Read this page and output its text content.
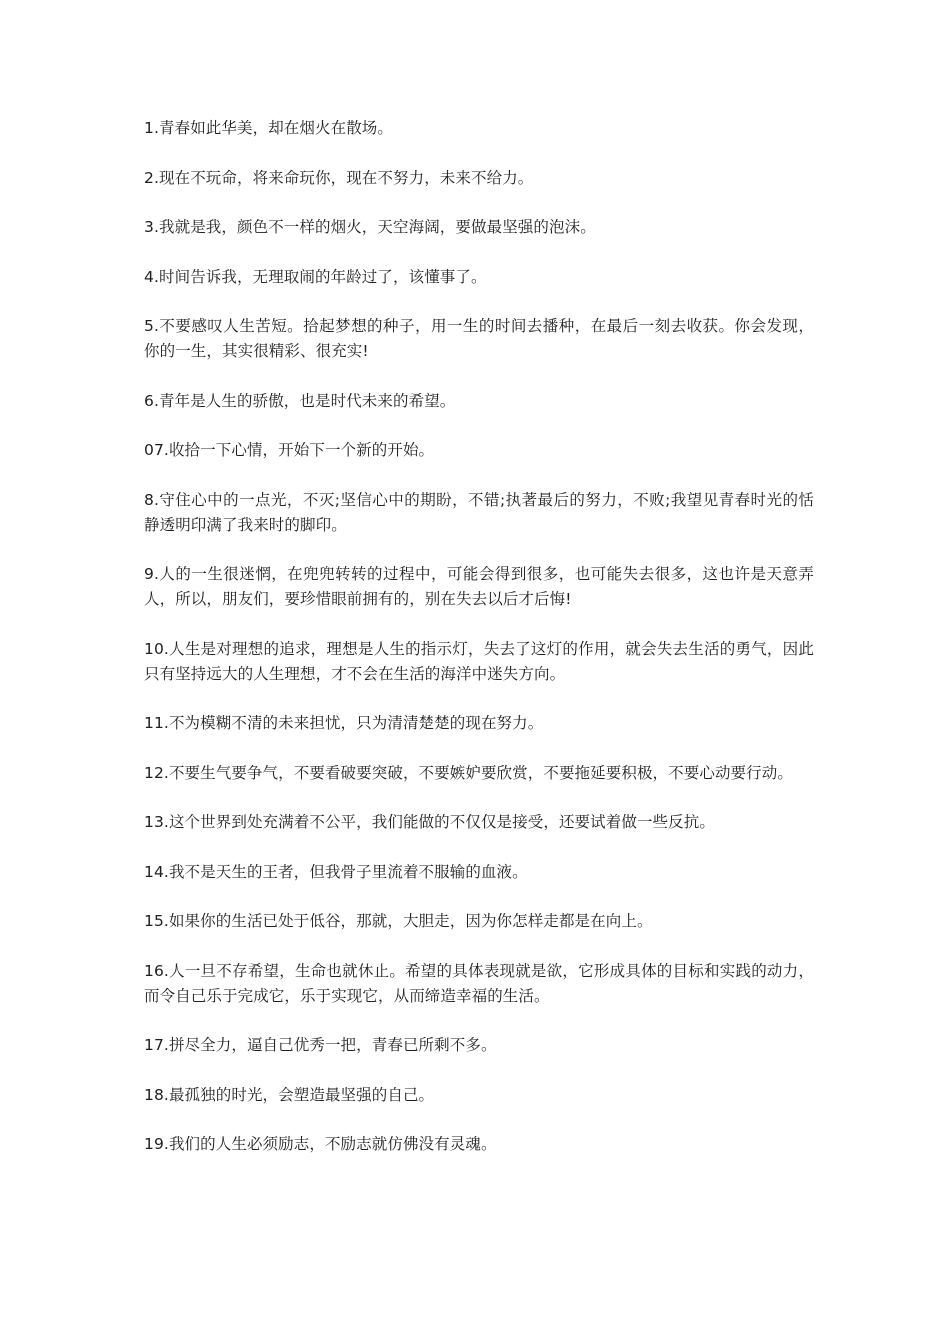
1.青春如此华美，却在烟火在散场。

2.现在不玩命，将来命玩你，现在不努力，未来不给力。

3.我就是我，颜色不一样的烟火，天空海阔，要做最坚强的泡沫。

4.时间告诉我，无理取闹的年龄过了，该懂事了。

5.不要感叹人生苦短。拾起梦想的种子，用一生的时间去播种，在最后一刻去收获。你会发现，你的一生，其实很精彩、很充实!

6.青年是人生的骄傲，也是时代未来的希望。

07.收拾一下心情，开始下一个新的开始。

8.守住心中的一点光，不灭;坚信心中的期盼，不错;执著最后的努力，不败;我望见青春时光的恬静透明印满了我来时的脚印。

9.人的一生很迷惘，在兜兜转转的过程中，可能会得到很多，也可能失去很多，这也许是天意弄人，所以，朋友们，要珍惜眼前拥有的，别在失去以后才后悔!

10.人生是对理想的追求，理想是人生的指示灯，失去了这灯的作用，就会失去生活的勇气，因此只有坚持远大的人生理想，才不会在生活的海洋中迷失方向。

11.不为模糊不清的未来担忧，只为清清楚楚的现在努力。

12.不要生气要争气，不要看破要突破，不要嫉妒要欣赏，不要拖延要积极，不要心动要行动。

13.这个世界到处充满着不公平，我们能做的不仅仅是接受，还要试着做一些反抗。

14.我不是天生的王者，但我骨子里流着不服输的血液。

15.如果你的生活已处于低谷，那就，大胆走，因为你怎样走都是在向上。

16.人一旦不存希望，生命也就休止。希望的具体表现就是欲，它形成具体的目标和实践的动力，而令自己乐于完成它，乐于实现它，从而缔造幸福的生活。

17.拼尽全力，逼自己优秀一把，青春已所剩不多。

18.最孤独的时光，会塑造最坚强的自己。

19.我们的人生必须励志，不励志就仿佛没有灵魂。
